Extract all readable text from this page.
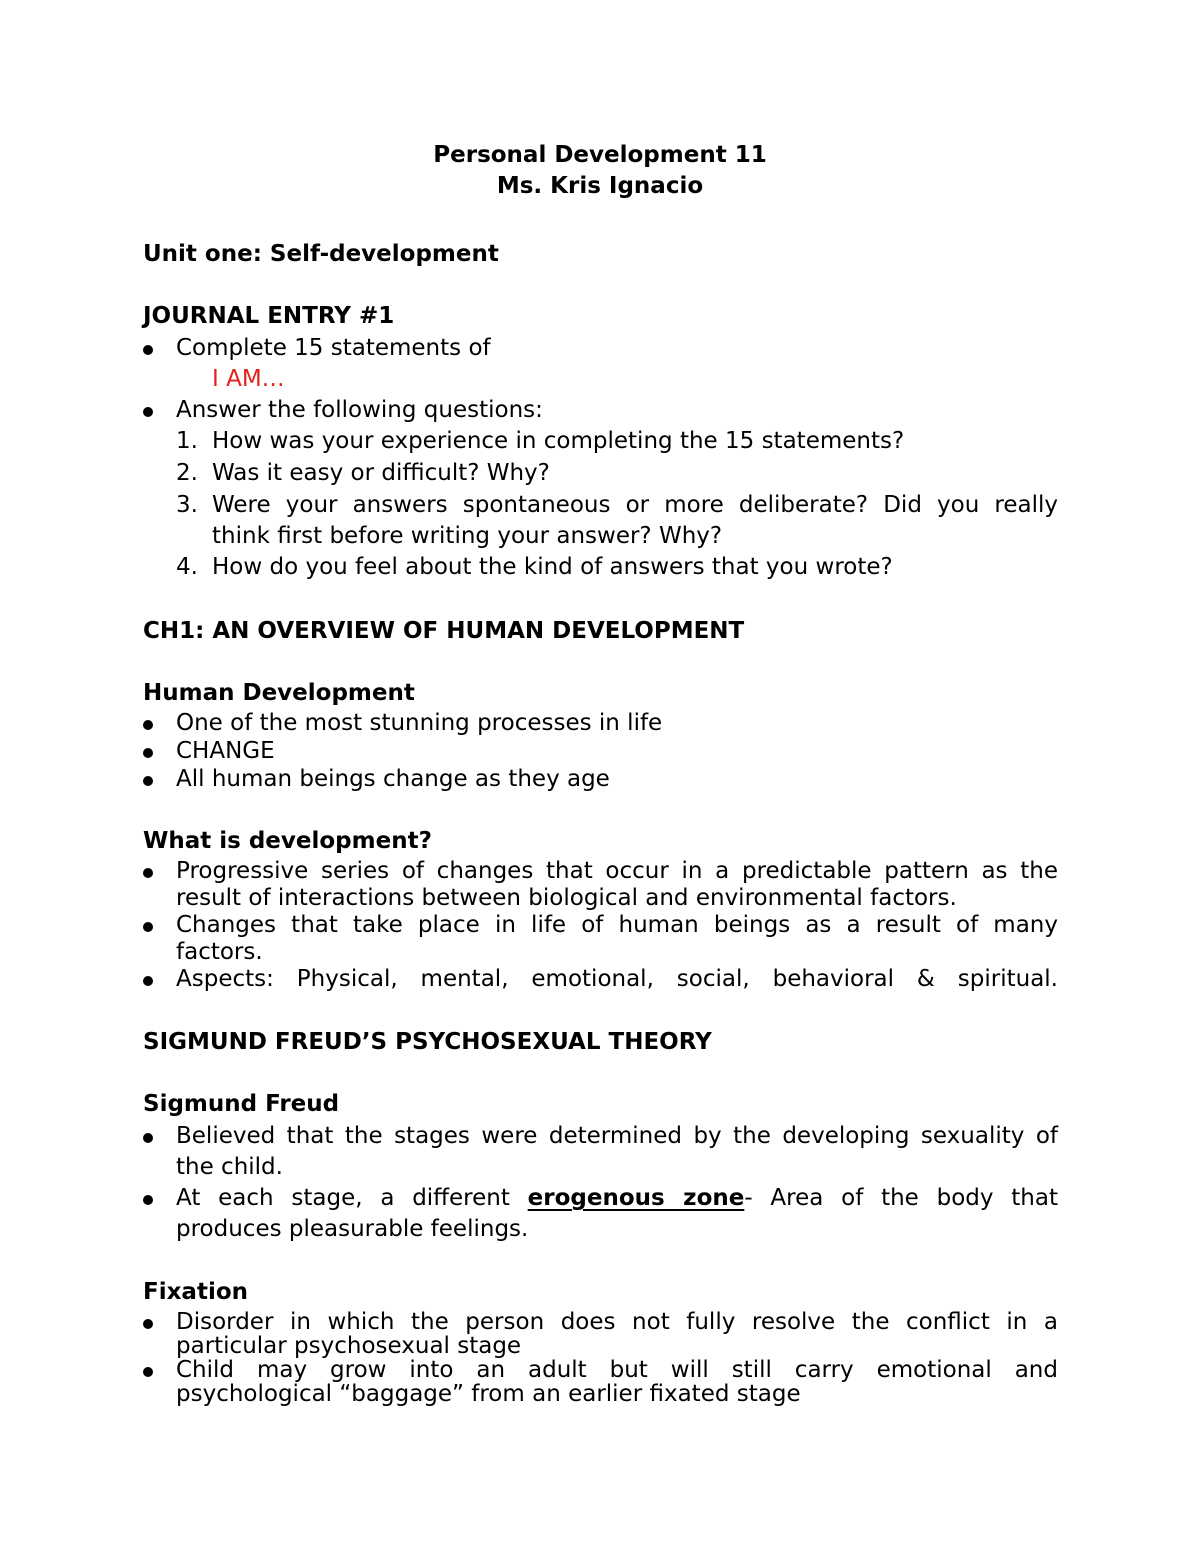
Personal Development 11
Ms. Kris Ignacio
Unit one: Self-development
JOURNAL ENTRY #1
Complete 15 statements of
I AM…
Answer the following questions:
1. How was your experience in completing the 15 statements?
2. Was it easy or difficult? Why?
3. Were your answers spontaneous or more deliberate? Did you really
think first before writing your answer? Why?
4. How do you feel about the kind of answers that you wrote?
CH1: AN OVERVIEW OF HUMAN DEVELOPMENT
Human Development
One of the most stunning processes in life
CHANGE
All human beings change as they age
What is development?
Progressive series of changes that occur in a predictable pattern as the
result of interactions between biological and environmental factors.
Changes that take place in life of human beings as a result of many
factors.
Aspects: Physical, mental, emotional, social, behavioral & spiritual.
SIGMUND FREUD’S PSYCHOSEXUAL THEORY
Sigmund Freud
Believed that the stages were determined by the developing sexuality of
the child.
At each stage, a different erogenous zone- Area of the body that
produces pleasurable feelings.
Fixation
Disorder in which the person does not fully resolve the conflict in a
particular psychosexual stage
Child may grow into an adult but will still carry emotional and
psychological “baggage” from an earlier fixated stage
